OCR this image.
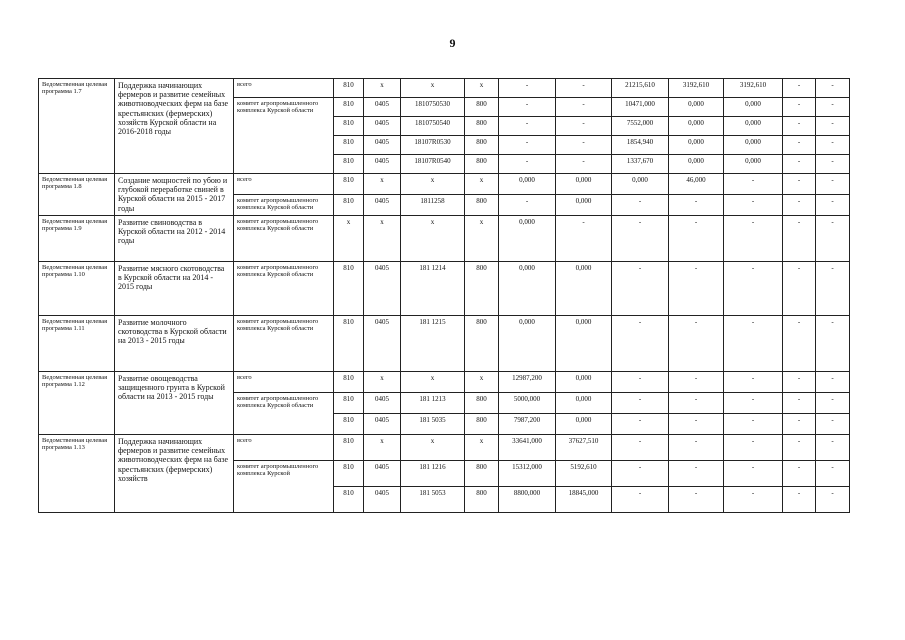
9
Ведомственная целевая программа 1.7	Поддержка начинающих фермеров и развитие семейных животноводческих ферм на базе крестьянских (фермерских) хозяйств Курской области на 2016-2018 годы	всего	810	x	x	x	-	-	21215,610	3192,610	3192,610	-	-
		комитет агропромышленного комплекса Курской области	810	0405	1810750530	800	-	-	10471,000	0,000	0,000	-	-
			810	0405	1810750540	800	-	-	7552,000	0,000	0,000	-	-
			810	0405	18107R0530	800	-	-	1854,940	0,000	0,000	-	-
			810	0405	18107R0540	800	-	-	1337,670	0,000	0,000	-	-
Ведомственная целевая программа 1.8	Создание мощностей по убою и глубокой переработке свиней в Курской области на 2015 - 2017 годы	всего	810	x	x	x	0,000	0,000	0,000	46,000	-	-	-
		комитет агропромышленного комплекса Курской области	810	0405	1811258	800	-	0,000	-	-	-	-	-
Ведомственная целевая программа 1.9	Развитие свиноводства в Курской области на 2012 - 2014 годы	комитет агропромышленного комплекса Курской области	x	x	x	x	0,000	-	-	-	-	-	-
Ведомственная целевая программа 1.10	Развитие мясного скотоводства в Курской области на 2014 - 2015 годы	комитет агропромышленного комплекса Курской области	810	0405	181 1214	800	0,000	0,000	-	-	-	-	-
Ведомственная целевая программа 1.11	Развитие молочного скотоводства в Курской области на 2013 - 2015 годы	комитет агропромышленного комплекса Курской области	810	0405	181 1215	800	0,000	0,000	-	-	-	-	-
Ведомственная целевая программа 1.12	Развитие овощеводства защищенного грунта в Курской области на 2013 - 2015 годы	всего	810	x	x	x	12987,200	0,000	-	-	-	-	-
		комитет агропромышленного комплекса Курской области	810	0405	181 1213	800	5000,000	0,000	-	-	-	-	-
			810	0405	181 5035	800	7987,200	0,000	-	-	-	-	-
Ведомственная целевая программа 1.13	Поддержка начинающих фермеров и развитие семейных животноводческих ферм на базе крестьянских (фермерских) хозяйств	всего	810	x	x	x	33641,000	37627,510	-	-	-	-	-
		комитет агропромышленного комплекса Курской	810	0405	181 1216	800	15312,000	5192,610	-	-	-	-	-
			810	0405	181 5053	800	8800,000	18845,000	-	-	-	-	-
